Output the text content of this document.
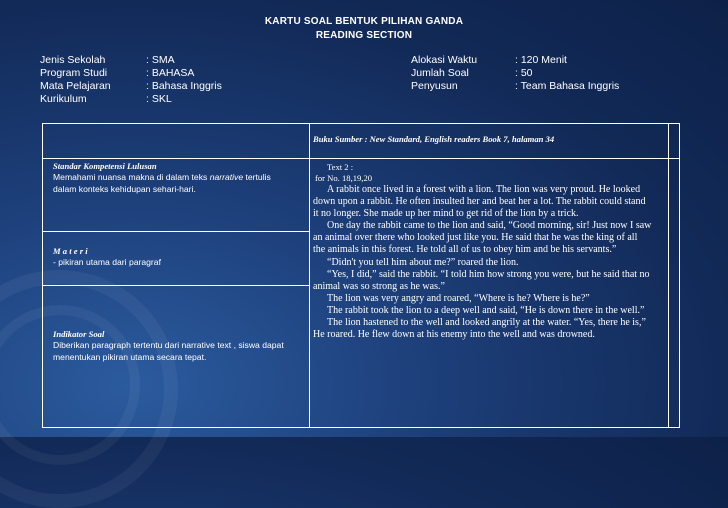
KARTU SOAL BENTUK PILIHAN GANDA
READING SECTION
Jenis Sekolah	: SMA
Program Studi	: BAHASA
Mata Pelajaran	: Bahasa Inggris
Kurikulum	: SKL
Alokasi Waktu	: 120 Menit
Jumlah Soal	: 50
Penyusun	: Team Bahasa Inggris
Buku Sumber : New Standard, English readers Book 7, halaman 34
Standar Kompetensi Lulusan
Memahami nuansa makna di dalam teks narrative tertulis
dalam konteks kehidupan sehari-hari.
M a t e r i
- pikiran utama dari paragraf
Indikator Soal
Diberikan paragraph tertentu dari narrative text , siswa dapat
menentukan pikiran utama secara tepat.

Text 2 :

for No. 18,19,20

A rabbit once lived in a forest with a lion. The lion was very proud. He looked

down upon a rabbit. He often insulted her and beat her a lot. The rabbit could stand

it no longer. She made up her mind to get rid of the lion by a trick.

One day the rabbit came to the lion and said, “Good morning, sir! Just now I saw

an animal over there who looked just like you. He said that he was the king of all

the animals in this forest. He told all of us to obey him and be his servants.”

“Didn't you tell him about me?” roared the lion.

“Yes, I did,” said the rabbit. “I told him how strong you were, but he said that no

animal was so strong as he was.”

The lion was very angry and roared, “Where is he? Where is he?”

The rabbit took the lion to a deep well and said, “He is down there in the well.”

The lion hastened to the well and looked angrily at the water. “Yes, there he is,”

He roared. He flew down at his enemy into the well and was drowned.
